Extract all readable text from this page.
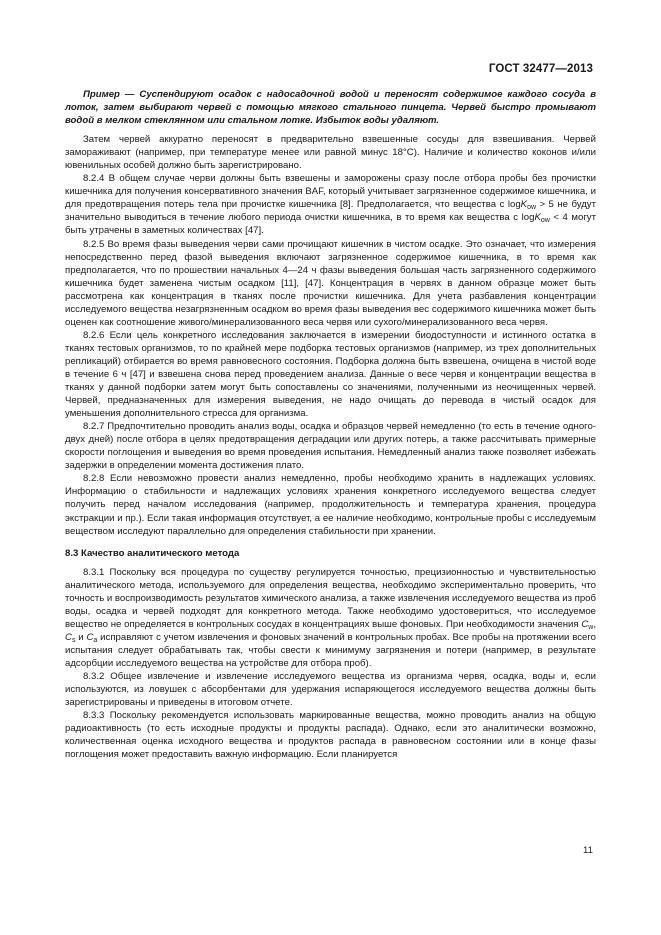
ГОСТ 32477—2013

Пример — Суспендируют осадок с надосадочной водой и переносят содержимое каждого сосуда в лоток, затем выбирают червей с помощью мягкого стального пинцета. Червей быстро промывают водой в мелком стеклянном или стальном лотке. Избыток воды удаляют.

Затем червей аккуратно переносят в предварительно взвешенные сосуды для взвешивания. Червей замораживают (например, при температуре менее или равной минус 18°C). Наличие и количество коконов и/или ювенильных особей должно быть зарегистрировано.

8.2.4 В общем случае черви должны быть взвешены и заморожены сразу после отбора пробы без прочистки кишечника для получения консервативного значения BAF, который учитывает загрязненное содержимое кишечника, и для предотвращения потерь тела при прочистке кишечника [8]. Предполагается, что вещества с logK$_{ow}$ > 5 не будут значительно выводиться в течение любого периода очистки кишечника, в то время как вещества с logK$_{ow}$ < 4 могут быть утрачены в заметных количествах [47].

8.2.5 Во время фазы выведения черви сами прочищают кишечник в чистом осадке. Это означает, что измерения непосредственно перед фазой выведения включают загрязненное содержимое кишечника, в то время как предполагается, что по прошествии начальных 4—24 ч фазы выведения большая часть загрязненного содержимого кишечника будет заменена чистым осадком [11], [47]. Концентрация в червях в данном образце может быть рассмотрена как концентрация в тканях после прочистки кишечника. Для учета разбавления концентрации исследуемого вещества незагрязненным осадком во время фазы выведения вес содержимого кишечника может быть оценен как соотношение живого/минерализованного веса червя или сухого/минерализованного веса червя.

8.2.6 Если цель конкретного исследования заключается в измерении биодоступности и истинного остатка в тканях тестовых организмов, то по крайней мере подборка тестовых организмов (например, из трех дополнительных репликаций) отбирается во время равновесного состояния. Подборка должна быть взвешена, очищена в чистой воде в течение 6 ч [47] и взвешена снова перед проведением анализа. Данные о весе червя и концентрации вещества в тканях у данной подборки затем могут быть сопоставлены со значениями, полученными из неочищенных червей. Червей, предназначенных для измерения выведения, не надо очищать до перевода в чистый осадок для уменьшения дополнительного стресса для организма.

8.2.7 Предпочтительно проводить анализ воды, осадка и образцов червей немедленно (то есть в течение одного-двух дней) после отбора в целях предотвращения деградации или других потерь, а также рассчитывать примерные скорости поглощения и выведения во время проведения испытания. Немедленный анализ также позволяет избежать задержки в определении момента достижения плато.

8.2.8 Если невозможно провести анализ немедленно, пробы необходимо хранить в надлежащих условиях. Информацию о стабильности и надлежащих условиях хранения конкретного исследуемого вещества следует получить перед началом исследования (например, продолжительность и температура хранения, процедура экстракции и пр.). Если такая информация отсутствует, а ее наличие необходимо, контрольные пробы с исследуемым веществом исследуют параллельно для определения стабильности при хранении.

8.3 Качество аналитического метода

8.3.1 Поскольку вся процедура по существу регулируется точностью, прецизионностью и чувствительностью аналитического метода, используемого для определения вещества, необходимо экспериментально проверить, что точность и воспроизводимость результатов химического анализа, а также извлечения исследуемого вещества из проб воды, осадка и червей подходят для конкретного метода. Также необходимо удостовериться, что исследуемое вещество не определяется в контрольных сосудах в концентрациях выше фоновых. При необходимости значения $C_w$, $C_s$ и $C_a$ исправляют с учетом извлечения и фоновых значений в контрольных пробах. Все пробы на протяжении всего испытания следует обрабатывать так, чтобы свести к минимуму загрязнения и потери (например, в результате адсорбции исследуемого вещества на устройстве для отбора проб).

8.3.2 Общее извлечение и извлечение исследуемого вещества из организма червя, осадка, воды и, если используются, из ловушек с абсорбентами для удержания испаряющегося исследуемого вещества должны быть зарегистрированы и приведены в итоговом отчете.

8.3.3 Поскольку рекомендуется использовать маркированные вещества, можно проводить анализ на общую радиоактивность (то есть исходные продукты и продукты распада). Однако, если это аналитически возможно, количественная оценка исходного вещества и продуктов распада в равновесном состоянии или в конце фазы поглощения может предоставить важную информацию. Если планируется

11
